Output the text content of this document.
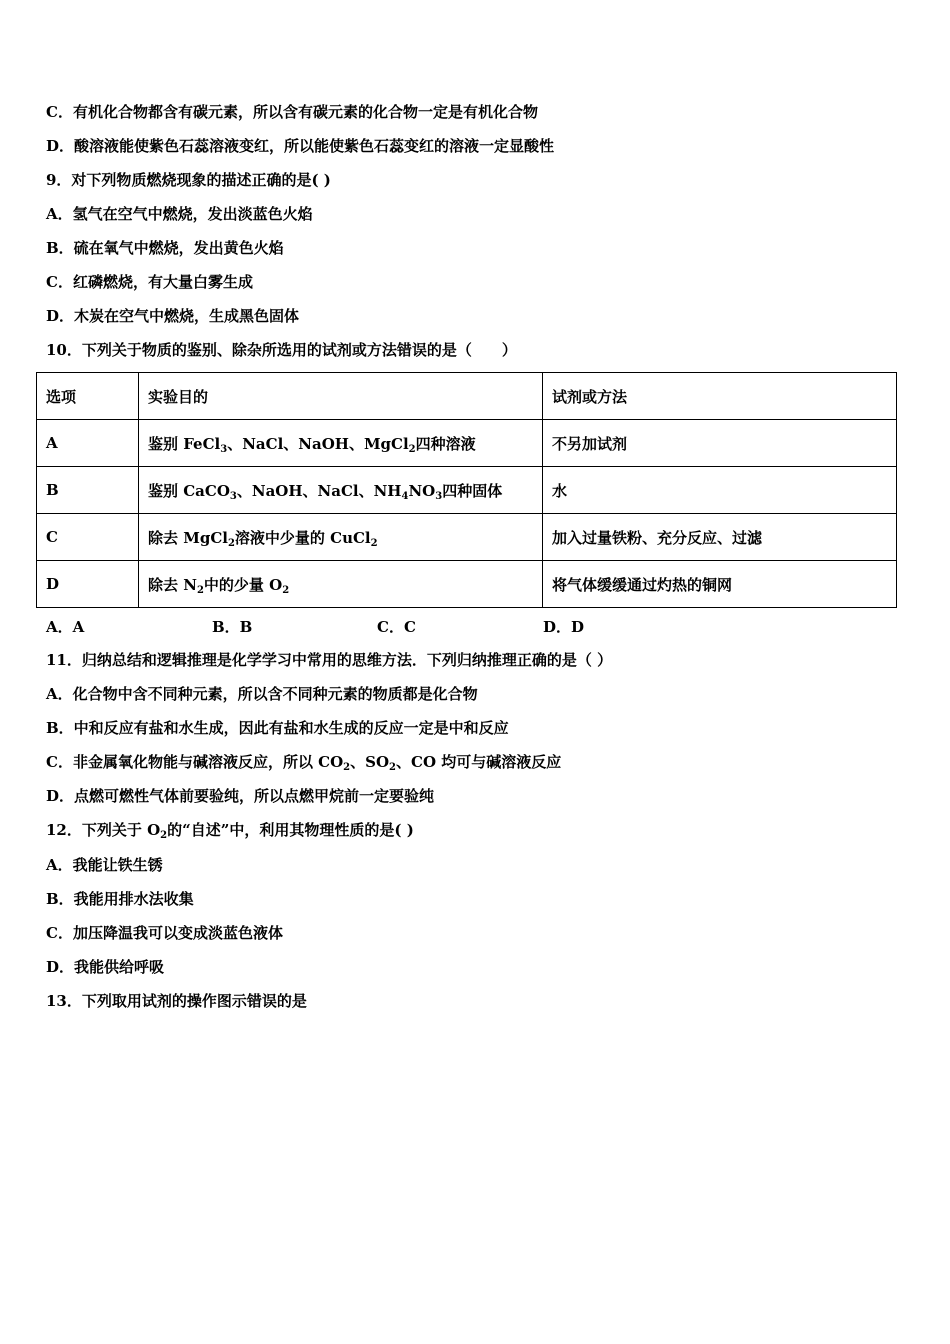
C．有机化合物都含有碳元素，所以含有碳元素的化合物一定是有机化合物
D．酸溶液能使紫色石蕊溶液变红，所以能使紫色石蕊变红的溶液一定显酸性
9．对下列物质燃烧现象的描述正确的是( )
A．氢气在空气中燃烧，发出淡蓝色火焰
B．硫在氧气中燃烧，发出黄色火焰
C．红磷燃烧，有大量白雾生成
D．木炭在空气中燃烧，生成黑色固体
10．下列关于物质的鉴别、除杂所选用的试剂或方法错误的是（　　）
选项	实验目的	试剂或方法
A	鉴别 FeCl$_3$、NaCl、NaOH、MgCl$_2$四种溶液	不另加试剂
B	鉴别 CaCO$_3$、NaOH、NaCl、$NH_4NO_3$四种固体	水
C	除去 MgCl$_2$溶液中少量的 CuCl$_2$	加入过量铁粉、充分反应、过滤
D	除去 $N_2$中的少量 $O_2$	将气体缓缓通过灼热的铜网
A．A	B．B	C．C	D．D
11．归纳总结和逻辑推理是化学学习中常用的思维方法．下列归纳推理正确的是（ ）
A．化合物中含不同种元素，所以含不同种元素的物质都是化合物
B．中和反应有盐和水生成，因此有盐和水生成的反应一定是中和反应
C．非金属氧化物能与碱溶液反应，所以 $CO_2$、$SO_2$、CO 均可与碱溶液反应
D．点燃可燃性气体前要验纯，所以点燃甲烷前一定要验纯
12．下列关于 $O_2$的“自述”中，利用其物理性质的是( )
A．我能让铁生锈
B．我能用排水法收集
C．加压降温我可以变成淡蓝色液体
D．我能供给呼吸
13．下列取用试剂的操作图示错误的是
